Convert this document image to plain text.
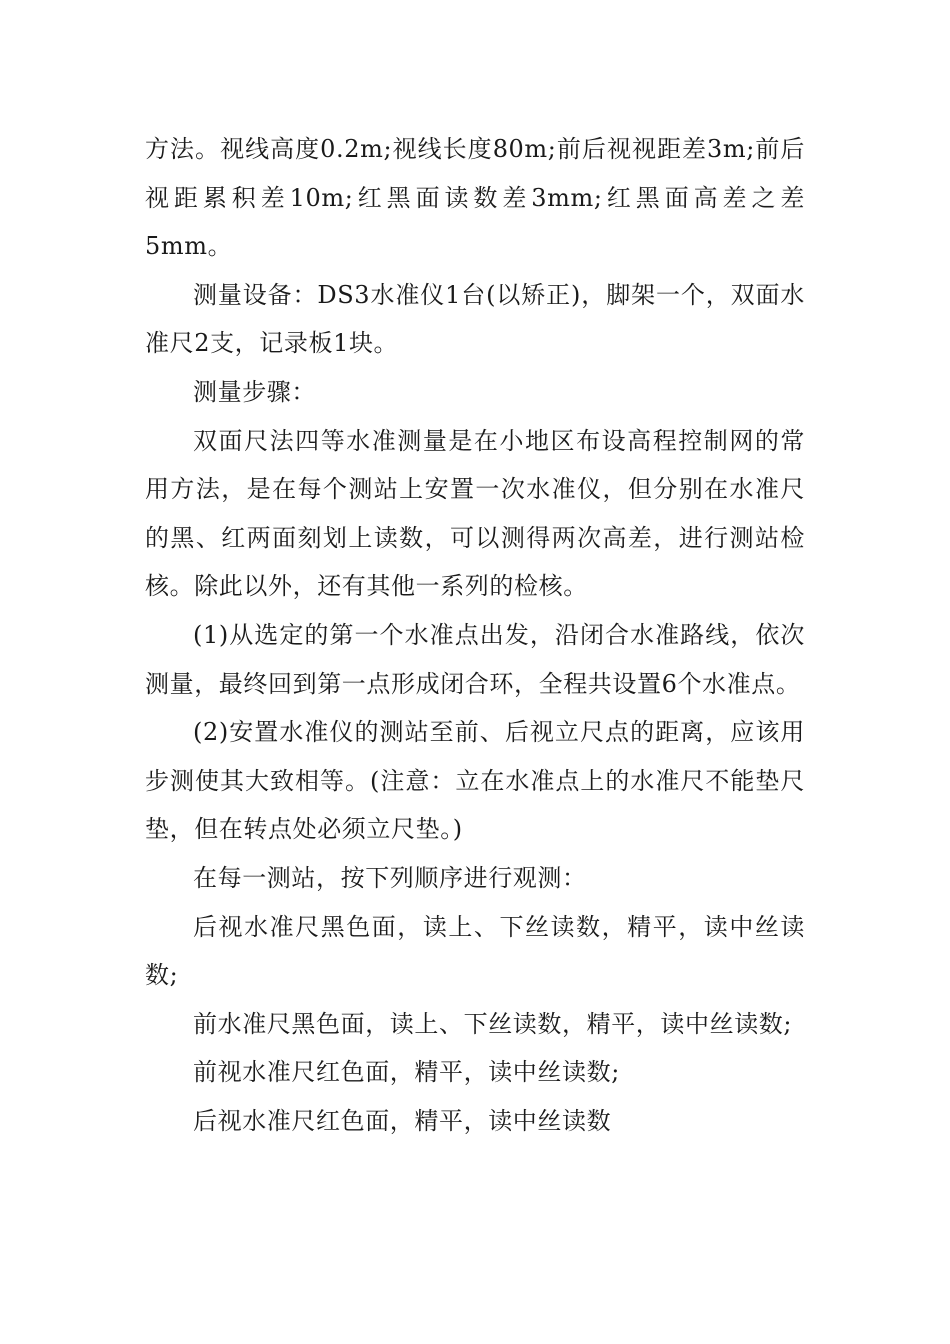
方法。视线高度0.2m;视线长度80m;前后视视距差3m;前后视距累积差10m;红黑面读数差3mm;红黑面高差之差5mm。

测量设备：DS3水准仪1台(以矫正)，脚架一个，双面水准尺2支，记录板1块。

测量步骤：

双面尺法四等水准测量是在小地区布设高程控制网的常用方法，是在每个测站上安置一次水准仪，但分别在水准尺的黑、红两面刻划上读数，可以测得两次高差，进行测站检核。除此以外，还有其他一系列的检核。

(1)从选定的第一个水准点出发，沿闭合水准路线，依次测量，最终回到第一点形成闭合环，全程共设置6个水准点。

(2)安置水准仪的测站至前、后视立尺点的距离，应该用步测使其大致相等。(注意：立在水准点上的水准尺不能垫尺垫，但在转点处必须立尺垫。)

在每一测站，按下列顺序进行观测：

后视水准尺黑色面，读上、下丝读数，精平，读中丝读数;

前水准尺黑色面，读上、下丝读数，精平，读中丝读数;

前视水准尺红色面，精平，读中丝读数;

后视水准尺红色面，精平，读中丝读数
